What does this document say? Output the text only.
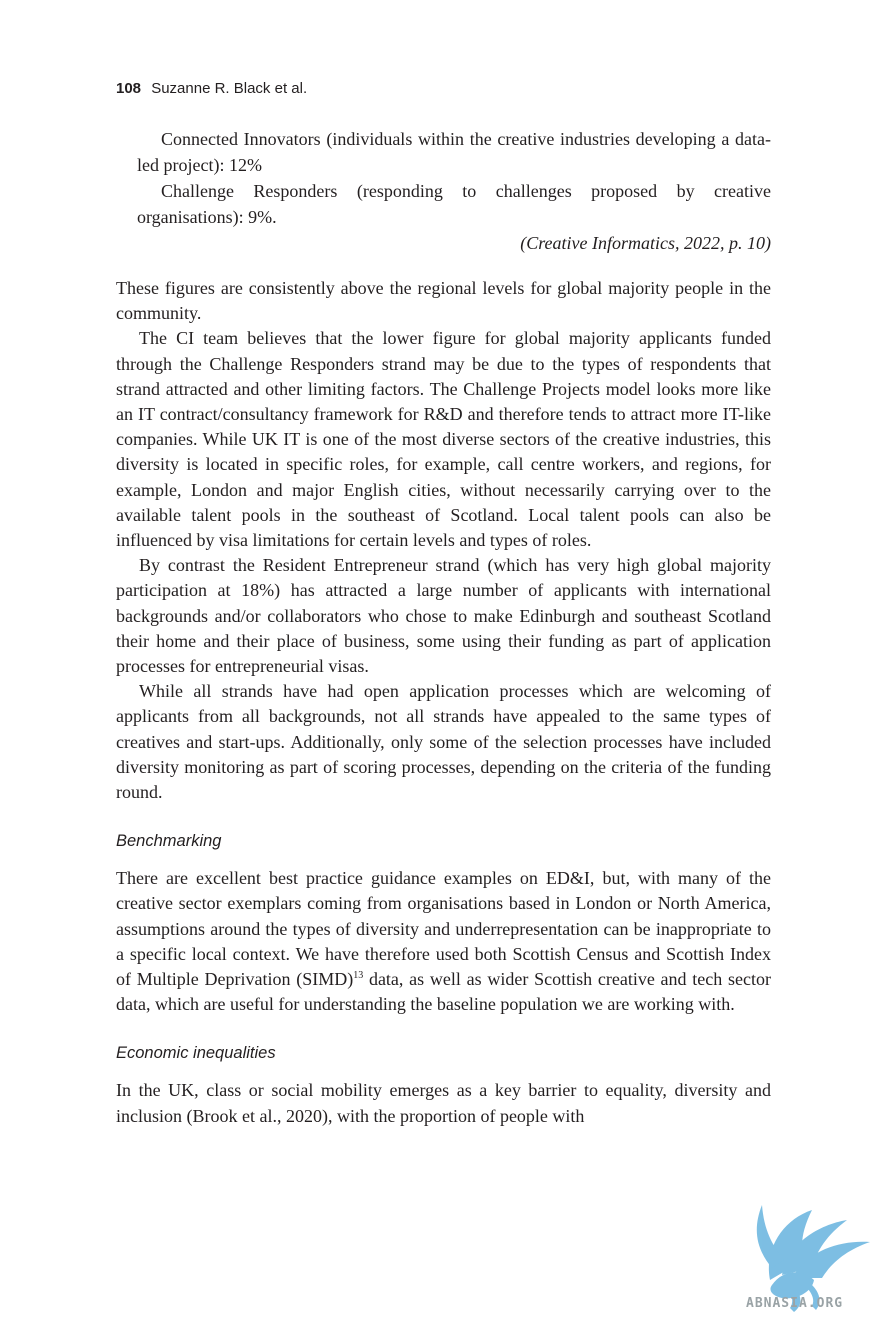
108 Suzanne R. Black et al.

Connected Innovators (individuals within the creative industries developing a data-led project): 12%

Challenge Responders (responding to challenges proposed by creative organisations): 9%.

(Creative Informatics, 2022, p. 10)

These figures are consistently above the regional levels for global majority people in the community.

The CI team believes that the lower figure for global majority applicants funded through the Challenge Responders strand may be due to the types of respondents that strand attracted and other limiting factors. The Challenge Projects model looks more like an IT contract/consultancy framework for R&D and therefore tends to attract more IT-like companies. While UK IT is one of the most diverse sectors of the creative industries, this diversity is located in specific roles, for example, call centre workers, and regions, for example, London and major English cities, without necessarily carrying over to the available talent pools in the southeast of Scotland. Local talent pools can also be influenced by visa limitations for certain levels and types of roles.

By contrast the Resident Entrepreneur strand (which has very high global majority participation at 18%) has attracted a large number of applicants with international backgrounds and/or collaborators who chose to make Edinburgh and southeast Scotland their home and their place of business, some using their funding as part of application processes for entrepreneurial visas.

While all strands have had open application processes which are welcoming of applicants from all backgrounds, not all strands have appealed to the same types of creatives and start-ups. Additionally, only some of the selection processes have included diversity monitoring as part of scoring processes, depending on the criteria of the funding round.

Benchmarking

There are excellent best practice guidance examples on ED&I, but, with many of the creative sector exemplars coming from organisations based in London or North America, assumptions around the types of diversity and underrepresentation can be inappropriate to a specific local context. We have therefore used both Scottish Census and Scottish Index of Multiple Deprivation (SIMD)$^{13}$ data, as well as wider Scottish creative and tech sector data, which are useful for understanding the baseline population we are working with.

Economic inequalities

In the UK, class or social mobility emerges as a key barrier to equality, diversity and inclusion (Brook et al., 2020), with the proportion of people with

ABNASIA.ORG
